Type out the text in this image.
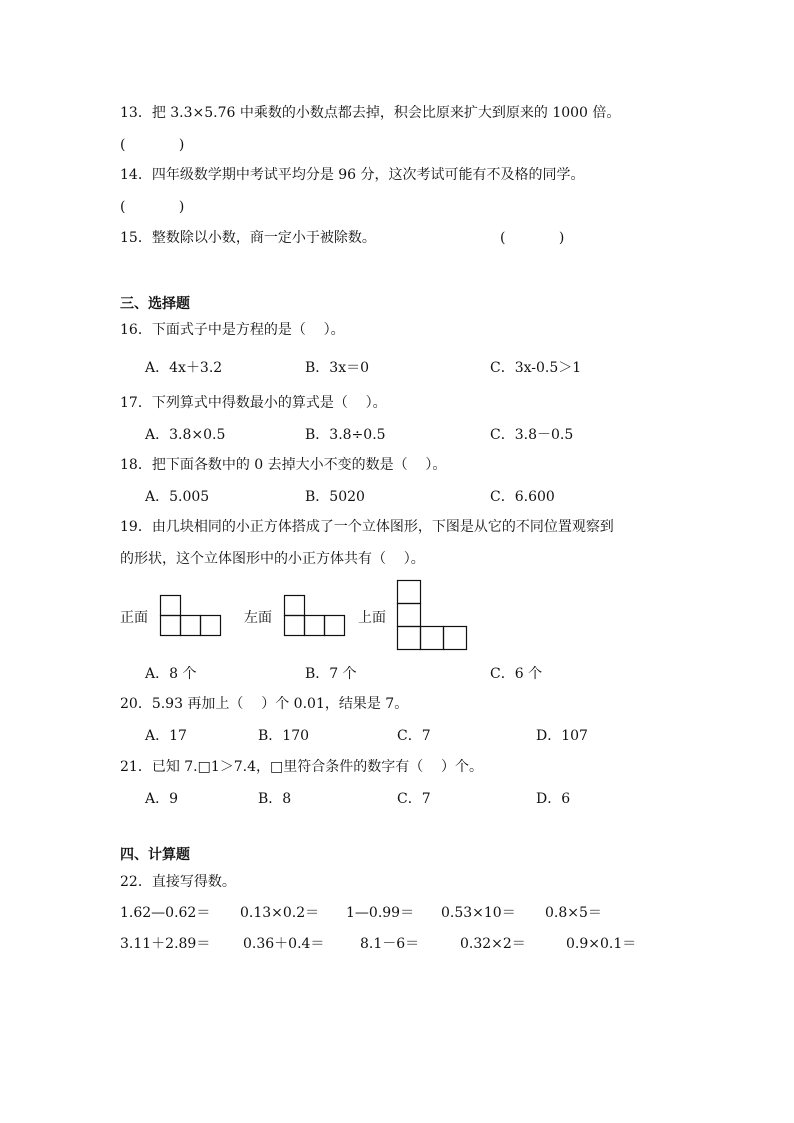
13．把 3.3×5.76 中乘数的小数点都去掉，积会比原来扩大到原来的 1000 倍。
(            )
14．四年级数学期中考试平均分是 96 分，这次考试可能有不及格的同学。
(            )
15．整数除以小数，商一定小于被除数。	(            )
三、选择题
16．下面式子中是方程的是（    ）。
A．4x＋3.2	B．3x＝0	C．3x-0.5＞1
17．下列算式中得数最小的算式是（    ）。
A．3.8×0.5	B．3.8÷0.5	C．3.8－0.5
18．把下面各数中的 0 去掉大小不变的数是（    ）。
A．5.005	B．5020	C．6.600
19．由几块相同的小正方体搭成了一个立体图形，下图是从它的不同位置观察到
的形状，这个立体图形中的小正方体共有（    ）。
正面	左面	上面
A．8 个	B．7 个	C．6 个
20．5.93 再加上（    ）个 0.01，结果是 7。
A．17	B．170	C．7	D．107
21．已知 7.□1＞7.4，□里符合条件的数字有（    ）个。
A．9	B．8	C．7	D．6
四、计算题
22．直接写得数。
1.62—0.62＝ 0.13×0.2＝ 1—0.99＝ 0.53×10＝ 0.8×5＝
3.11＋2.89＝ 0.36＋0.4＝	8.1－6＝	0.32×2＝	0.9×0.1＝
